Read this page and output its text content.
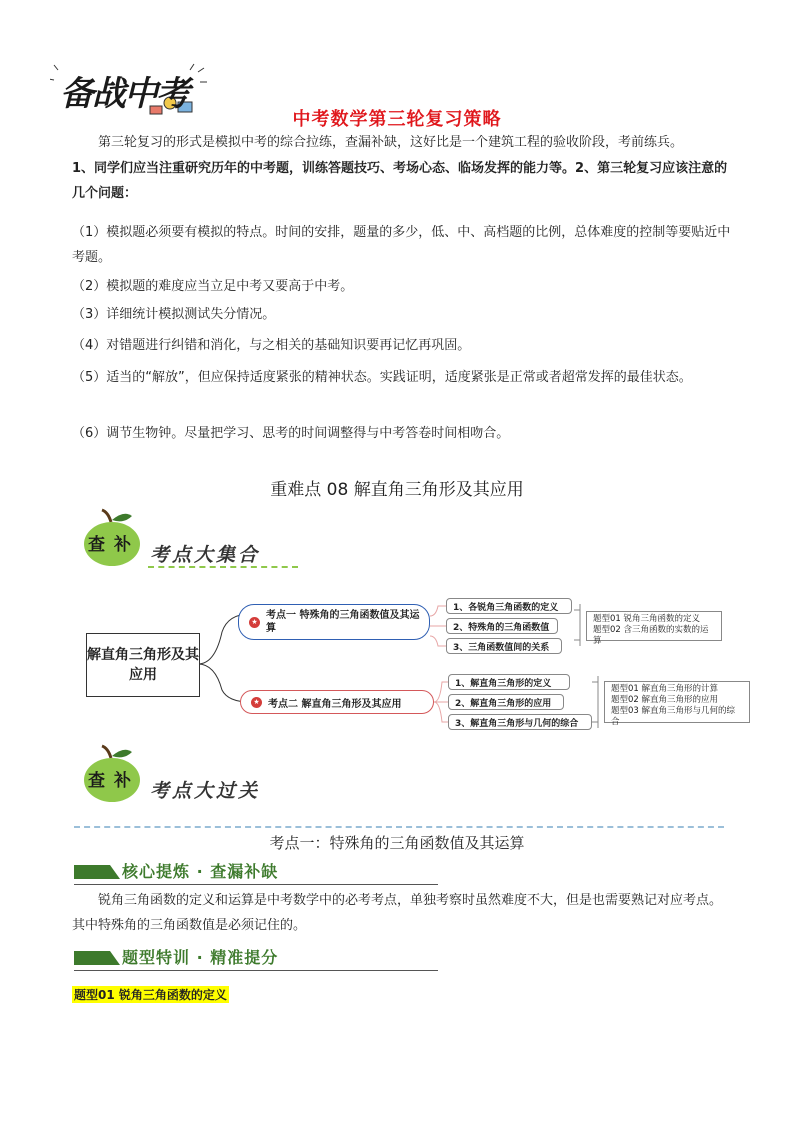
备战中考
中考数学第三轮复习策略
第三轮复习的形式是模拟中考的综合拉练，查漏补缺，这好比是一个建筑工程的验收阶段，考前练兵。
1、同学们应当注重研究历年的中考题，训练答题技巧、考场心态、临场发挥的能力等。2、第三轮复习应该注意的几个问题：
（1）模拟题必须要有模拟的特点。时间的安排，题量的多少，低、中、高档题的比例，总体难度的控制等要贴近中考题。
（2）模拟题的难度应当立足中考又要高于中考。
（3）详细统计模拟测试失分情况。
（4）对错题进行纠错和消化，与之相关的基础知识要再记忆再巩固。
（5）适当的“解放”，但应保持适度紧张的精神状态。实践证明，适度紧张是正常或者超常发挥的最佳状态。
（6）调节生物钟。尽量把学习、思考的时间调整得与中考答卷时间相吻合。
重难点 08 解直角三角形及其应用
查 补 考点大集合
解直角三角形及其应用
★
考点一 特殊角的三角函数值及其运算
★ 考点二 解直角三角形及其应用
1、各锐角三角函数的定义
2、特殊角的三角函数值
3、三角函数值间的关系
题型01 锐角三角函数的定义
题型02 含三角函数的实数的运算
1、解直角三角形的定义
2、解直角三角形的应用
3、解直角三角形与几何的综合
题型01 解直角三角形的计算
题型02 解直角三角形的应用
题型03 解直角三角形与几何的综合
查 补 考点大过关
考点一：特殊角的三角函数值及其运算
核心提炼 · 查漏补缺
锐角三角函数的定义和运算是中考数学中的必考考点，单独考察时虽然难度不大，但是也需要熟记对应考点。其中特殊角的三角函数值是必须记住的。
题型特训 · 精准提分
题型01 锐角三角函数的定义
